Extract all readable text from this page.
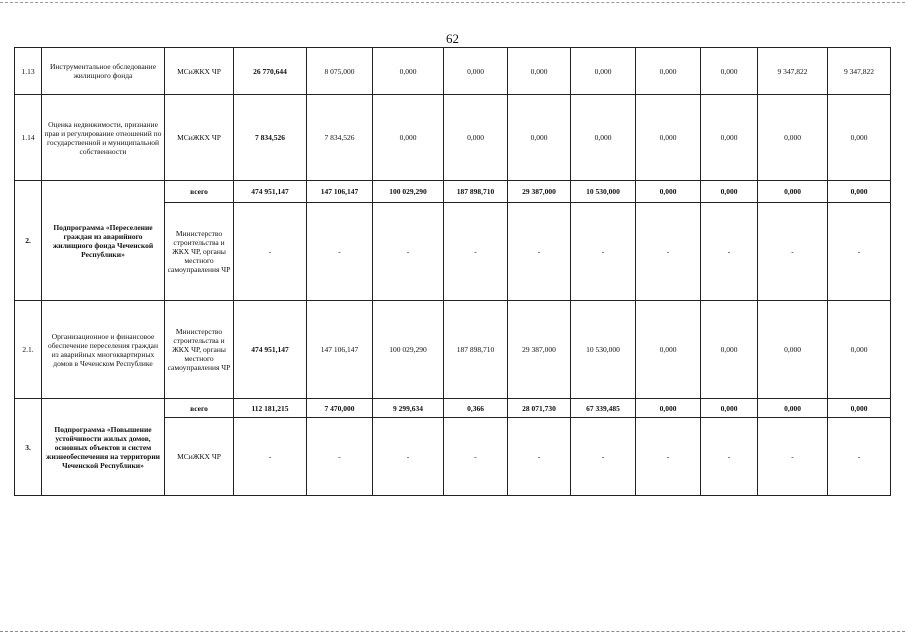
62
1.13	Инструментальное обследование жилищного фонда	МСиЖКХ ЧР	26 770,644	8 075,000	0,000	0,000	0,000	0,000	0,000	0,000	9 347,822	9 347,822
1.14	Оценка недвижимости, признание прав и регулирование отношений по государственной и муниципальной собственности	МСиЖКХ ЧР	7 834,526	7 834,526	0,000	0,000	0,000	0,000	0,000	0,000	0,000	0,000
2.	Подпрограмма «Переселение граждан из аварийного жилищного фонда Чеченской Республики»	всего	474 951,147	147 106,147	100 029,290	187 898,710	29 387,000	10 530,000	0,000	0,000	0,000	0,000
		Министерство строительства и ЖКХ ЧР, органы местного самоуправления ЧР	-	-	-	-	-	-	-	-	-	-
2.1.	Организационное и финансовое обеспечение переселения граждан из аварийных многоквартирных домов в Чеченском Республике	Министерство строительства и ЖКХ ЧР, органы местного самоуправления ЧР	474 951,147	147 106,147	100 029,290	187 898,710	29 387,000	10 530,000	0,000	0,000	0,000	0,000
3.	Подпрограмма «Повышение устойчивости жилых домов, основных объектов и систем жизнеобеспечения на территории Чеченской Республики»	всего	112 181,215	7 470,000	9 299,634	0,366	28 071,730	67 339,485	0,000	0,000	0,000	0,000
		МСиЖКХ ЧР	-	-	-	-	-	-	-	-	-	-
